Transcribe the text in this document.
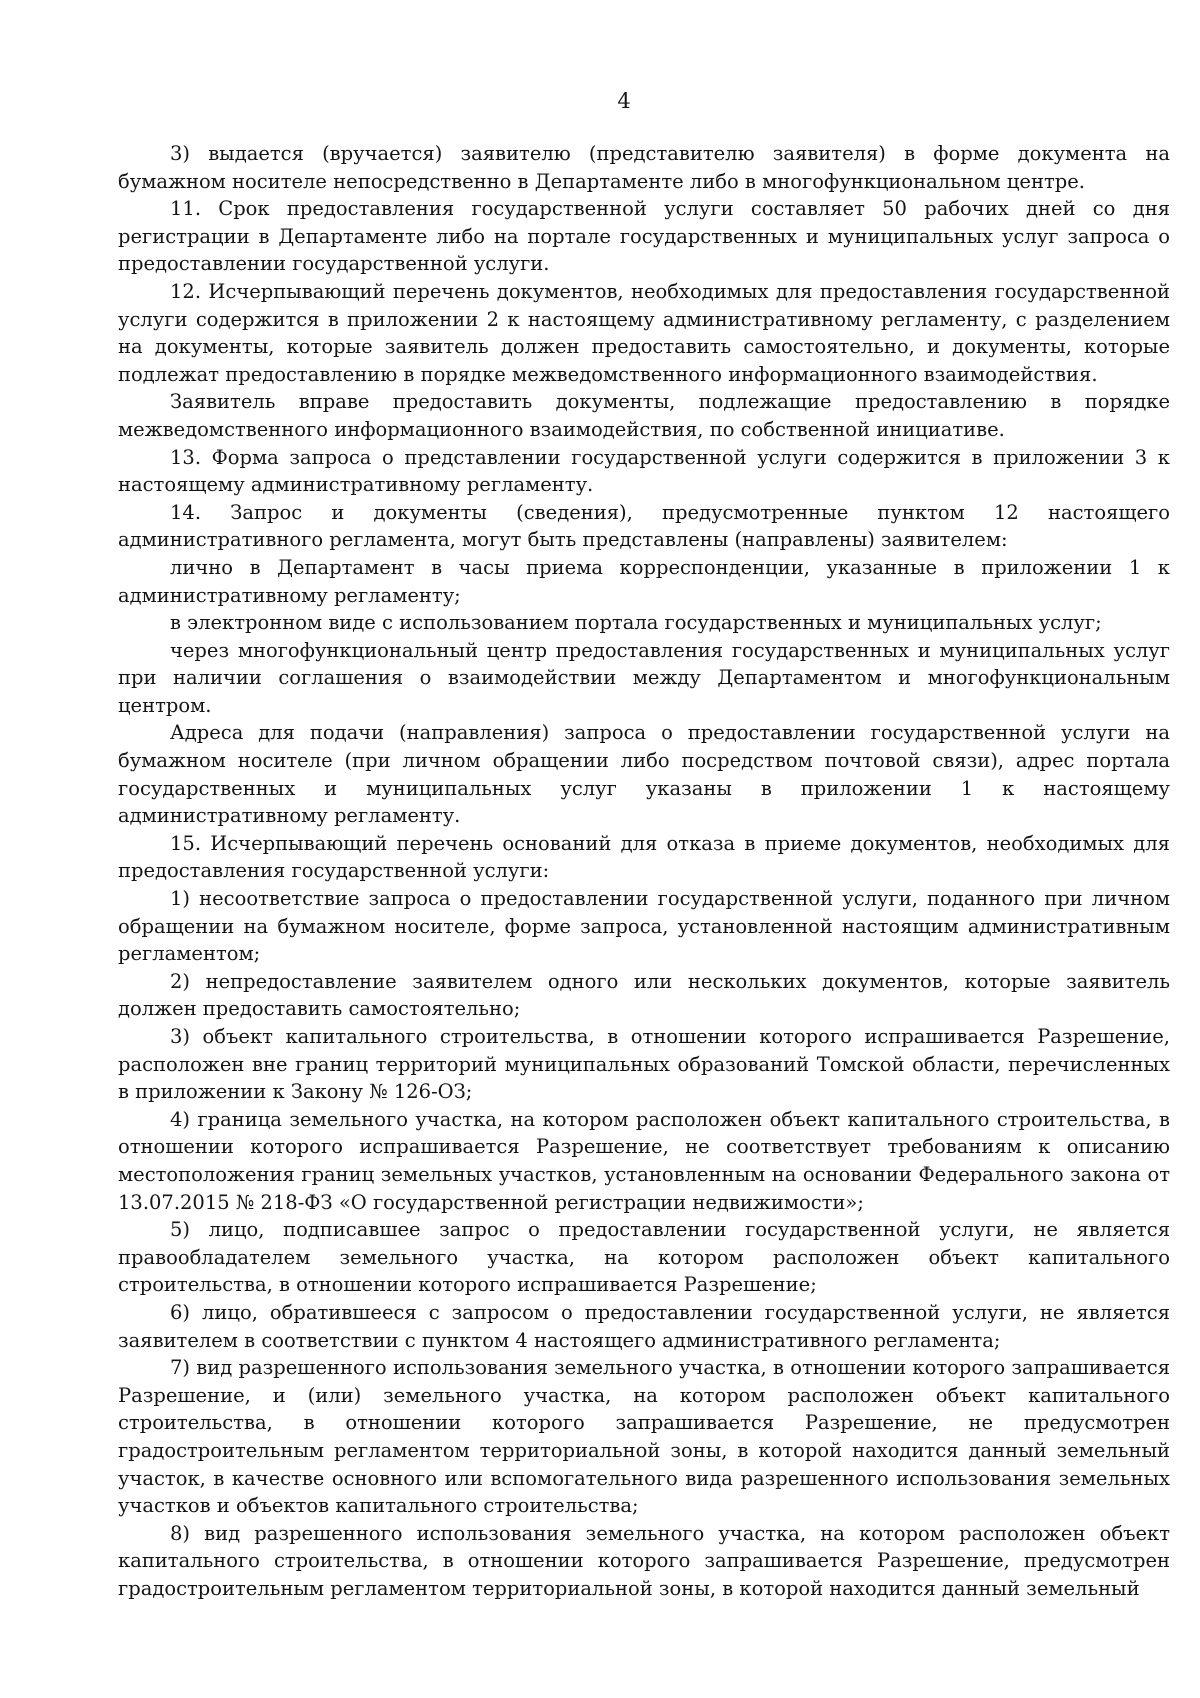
4

3) выдается (вручается) заявителю (представителю заявителя) в форме документа на бумажном носителе непосредственно в Департаменте либо в многофункциональном центре.

11. Срок предоставления государственной услуги составляет 50 рабочих дней со дня регистрации в Департаменте либо на портале государственных и муниципальных услуг запроса о предоставлении государственной услуги.

12. Исчерпывающий перечень документов, необходимых для предоставления государственной услуги содержится в приложении 2 к настоящему административному регламенту, с разделением на документы, которые заявитель должен предоставить самостоятельно, и документы, которые подлежат предоставлению в порядке межведомственного информационного взаимодействия.

Заявитель вправе предоставить документы, подлежащие предоставлению в порядке межведомственного информационного взаимодействия, по собственной инициативе.

13. Форма запроса о представлении государственной услуги содержится в приложении 3 к настоящему административному регламенту.

14. Запрос и документы (сведения), предусмотренные пунктом 12 настоящего административного регламента, могут быть представлены (направлены) заявителем:

лично в Департамент в часы приема корреспонденции, указанные в приложении 1 к административному регламенту;

в электронном виде с использованием портала государственных и муниципальных услуг;

через многофункциональный центр предоставления государственных и муниципальных услуг при наличии соглашения о взаимодействии между Департаментом и многофункциональным центром.

Адреса для подачи (направления) запроса о предоставлении государственной услуги на бумажном носителе (при личном обращении либо посредством почтовой связи), адрес портала государственных и муниципальных услуг указаны в приложении 1 к настоящему административному регламенту.

15. Исчерпывающий перечень оснований для отказа в приеме документов, необходимых для предоставления государственной услуги:

1) несоответствие запроса о предоставлении государственной услуги, поданного при личном обращении на бумажном носителе, форме запроса, установленной настоящим административным регламентом;

2) непредоставление заявителем одного или нескольких документов, которые заявитель должен предоставить самостоятельно;

3) объект капитального строительства, в отношении которого испрашивается Разрешение, расположен вне границ территорий муниципальных образований Томской области, перечисленных в приложении к Закону № 126-ОЗ;

4) граница земельного участка, на котором расположен объект капитального строительства, в отношении которого испрашивается Разрешение, не соответствует требованиям к описанию местоположения границ земельных участков, установленным на основании Федерального закона от 13.07.2015 № 218-ФЗ «О государственной регистрации недвижимости»;

5) лицо, подписавшее запрос о предоставлении государственной услуги, не является правообладателем земельного участка, на котором расположен объект капитального строительства, в отношении которого испрашивается Разрешение;

6) лицо, обратившееся с запросом о предоставлении государственной услуги, не является заявителем в соответствии с пунктом 4 настоящего административного регламента;

7) вид разрешенного использования земельного участка, в отношении которого запрашивается Разрешение, и (или) земельного участка, на котором расположен объект капитального строительства, в отношении которого запрашивается Разрешение, не предусмотрен градостроительным регламентом территориальной зоны, в которой находится данный земельный участок, в качестве основного или вспомогательного вида разрешенного использования земельных участков и объектов капитального строительства;

8) вид разрешенного использования земельного участка, на котором расположен объект капитального строительства, в отношении которого запрашивается Разрешение, предусмотрен градостроительным регламентом территориальной зоны, в которой находится данный земельный
